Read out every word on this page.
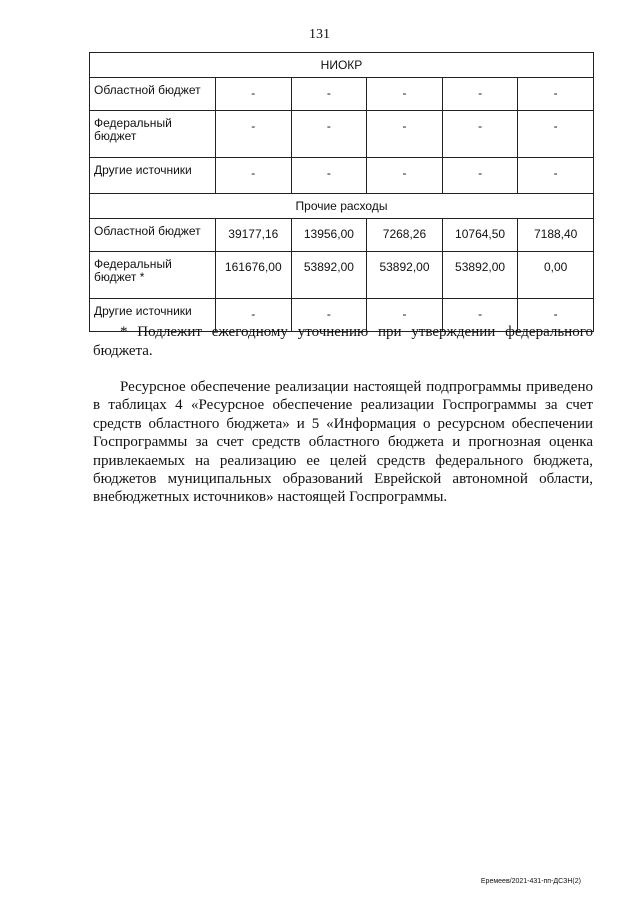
131
НИОКР					
Областной бюджет	-	-	-	-	-
Федеральный бюджет	-	-	-	-	-
Другие источники	-	-	-	-	-
Прочие расходы					
Областной бюджет	39177,16	13956,00	7268,26	10764,50	7188,40
Федеральный бюджет *	161676,00	53892,00	53892,00	53892,00	0,00
Другие источники	-	-	-	-	-

* Подлежит ежегодному уточнению при утверждении федерального бюджета.

Ресурсное обеспечение реализации настоящей подпрограммы приведено в таблицах 4 «Ресурсное обеспечение реализации Госпрограммы за счет средств областного бюджета» и 5 «Информация о ресурсном обеспечении Госпрограммы за счет средств областного бюджета и прогнозная оценка привлекаемых на реализацию ее целей средств федерального бюджета, бюджетов муниципальных образований Еврейской автономной области, внебюджетных источников» настоящей Госпрограммы.

Еремеев/2021-431-пп-ДСЗН(2)
